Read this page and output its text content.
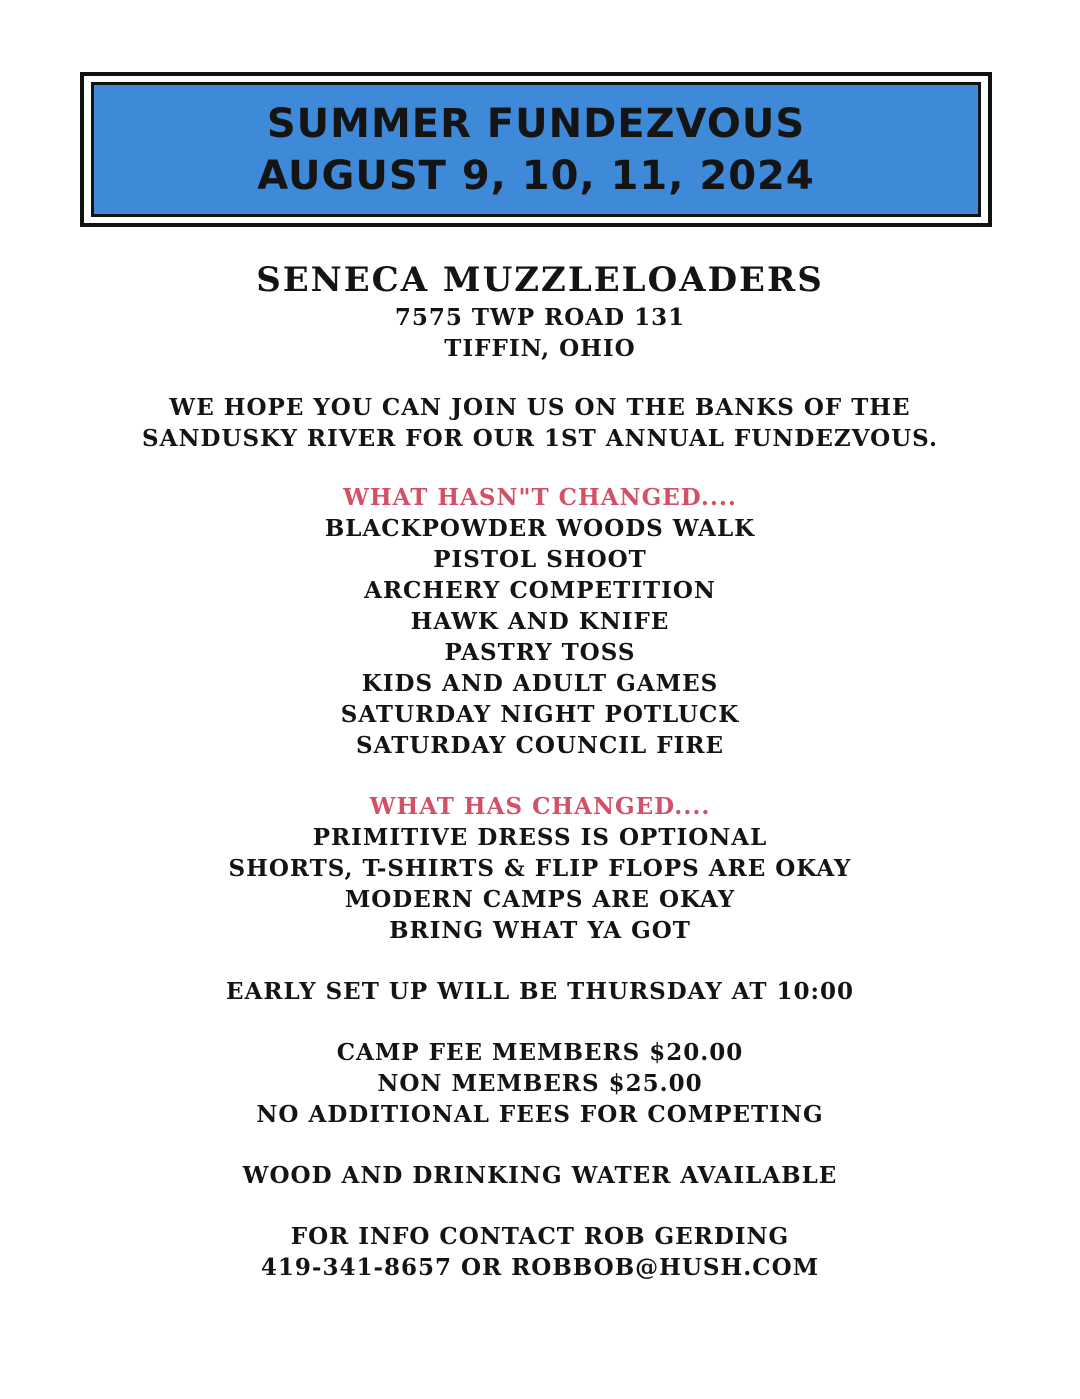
SUMMER FUNDEZVOUS
AUGUST 9, 10, 11, 2024
SENECA MUZZLELOADERS
7575 TWP ROAD 131
TIFFIN, OHIO
WE HOPE YOU CAN JOIN US ON THE BANKS OF THE
SANDUSKY RIVER FOR OUR 1ST ANNUAL FUNDEZVOUS.
WHAT HASN"T CHANGED....
BLACKPOWDER WOODS WALK
PISTOL SHOOT
ARCHERY COMPETITION
HAWK AND KNIFE
PASTRY TOSS
KIDS AND ADULT GAMES
SATURDAY NIGHT POTLUCK
SATURDAY COUNCIL FIRE
WHAT HAS CHANGED....
PRIMITIVE DRESS IS OPTIONAL
SHORTS, T-SHIRTS & FLIP FLOPS ARE OKAY
MODERN CAMPS ARE OKAY
BRING WHAT YA GOT
EARLY SET UP WILL BE THURSDAY AT 10:00
CAMP FEE MEMBERS $20.00
NON MEMBERS $25.00
NO ADDITIONAL FEES FOR COMPETING
WOOD AND DRINKING WATER AVAILABLE
FOR INFO CONTACT ROB GERDING
419-341-8657 OR ROBBOB@HUSH.COM
